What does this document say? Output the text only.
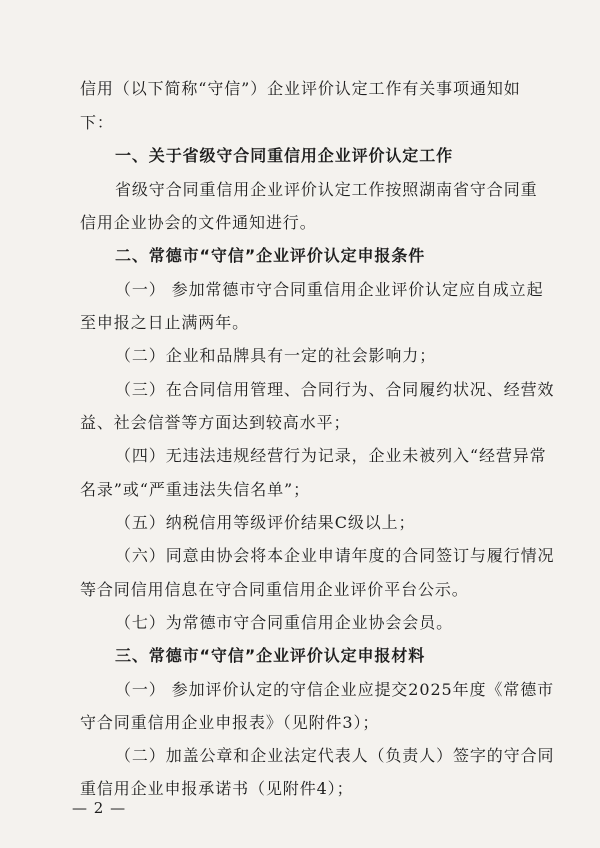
信用（以下简称“守信”）企业评价认定工作有关事项通知如
下：
一、关于省级守合同重信用企业评价认定工作
省级守合同重信用企业评价认定工作按照湖南省守合同重
信用企业协会的文件通知进行。
二、常德市“守信”企业评价认定申报条件
（一） 参加常德市守合同重信用企业评价认定应自成立起
至申报之日止满两年。
（二）企业和品牌具有一定的社会影响力；
（三）在合同信用管理、合同行为、合同履约状况、经营效
益、社会信誉等方面达到较高水平；
（四）无违法违规经营行为记录，企业未被列入“经营异常
名录”或“严重违法失信名单”；
（五）纳税信用等级评价结果C级以上；
（六）同意由协会将本企业申请年度的合同签订与履行情况
等合同信用信息在守合同重信用企业评价平台公示。
（七）为常德市守合同重信用企业协会会员。
三、常德市“守信”企业评价认定申报材料
（一） 参加评价认定的守信企业应提交2025年度《常德市
守合同重信用企业申报表》（见附件3）；
（二）加盖公章和企业法定代表人（负责人）签字的守合同
重信用企业申报承诺书（见附件4）；
— 2 —
